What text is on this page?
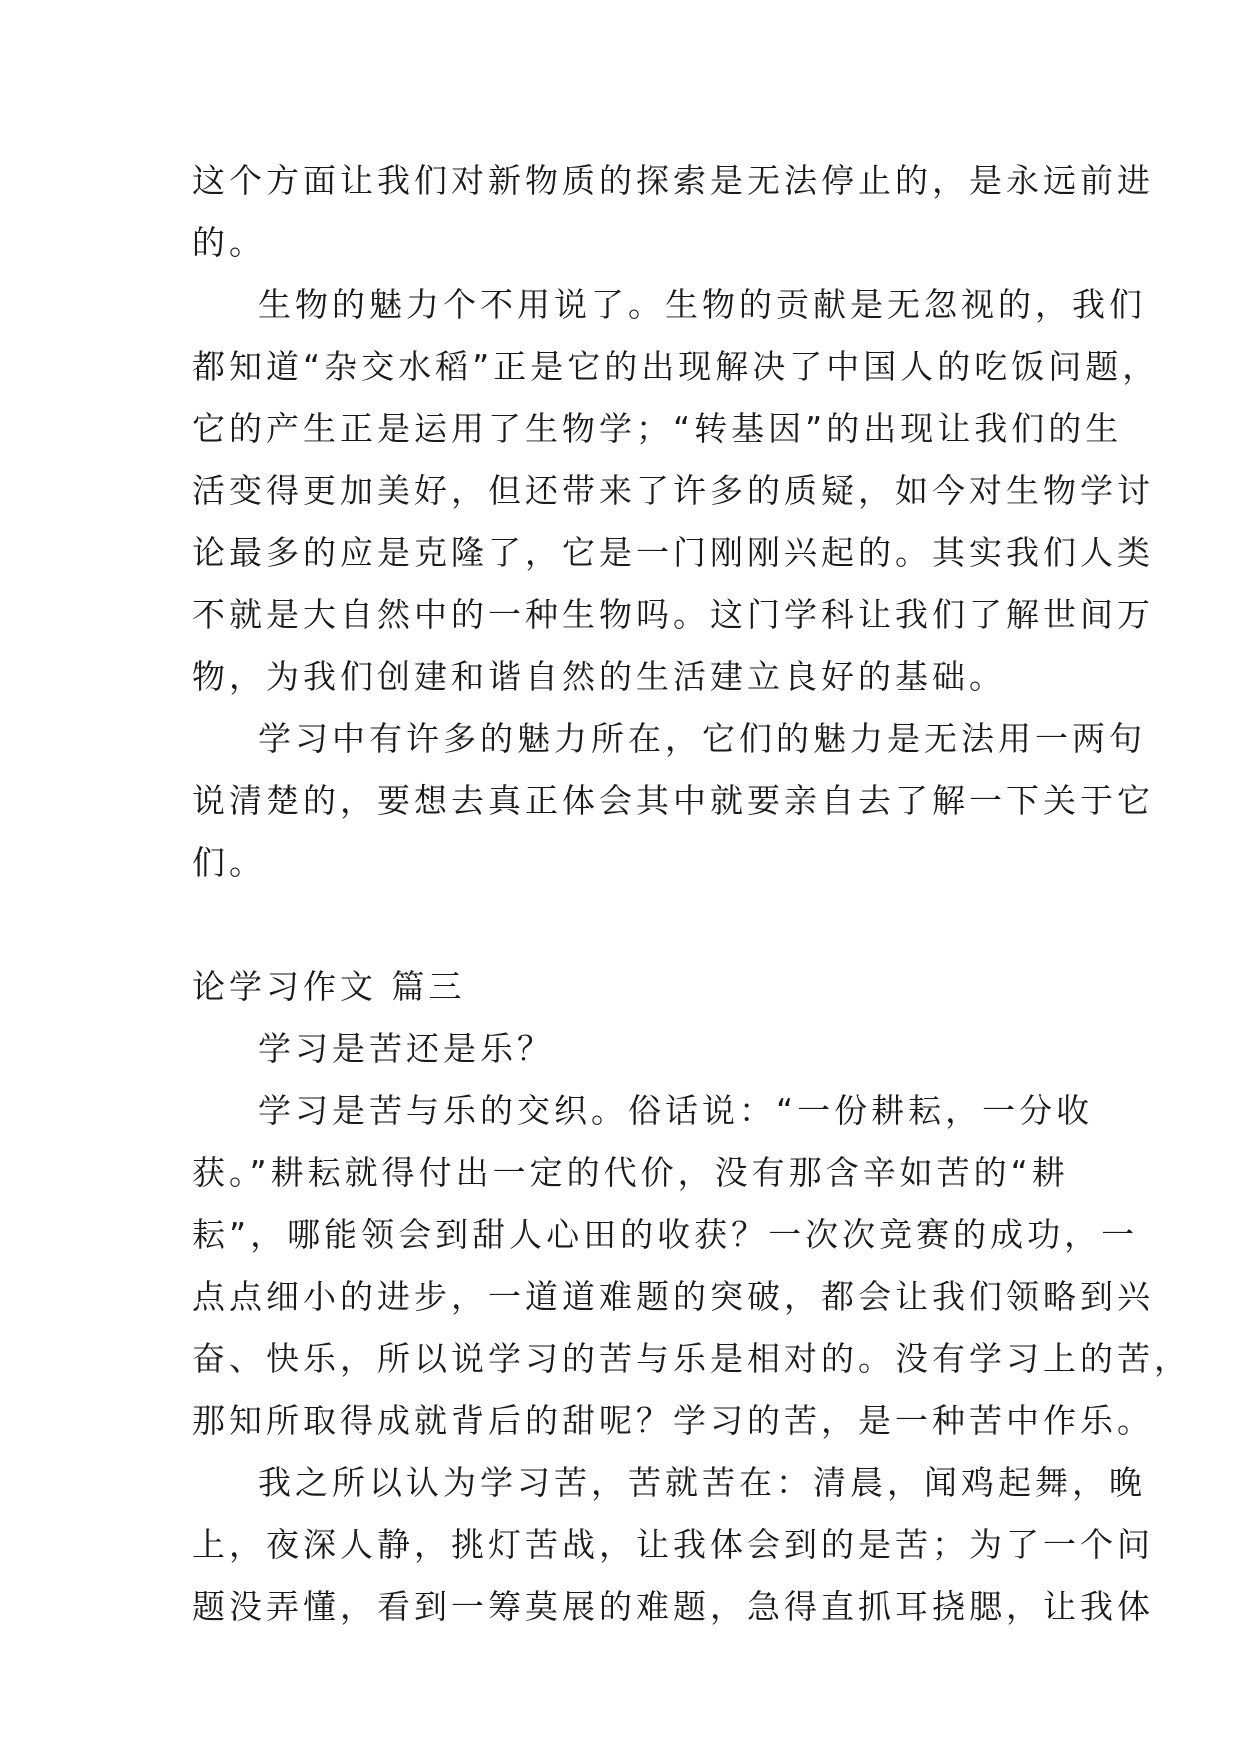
这个方面让我们对新物质的探索是无法停止的，是永远前进
的。
生物的魅力个不用说了。生物的贡献是无忽视的，我们
都知道“杂交水稻”正是它的出现解决了中国人的吃饭问题，
它的产生正是运用了生物学；“转基因”的出现让我们的生
活变得更加美好，但还带来了许多的质疑，如今对生物学讨
论最多的应是克隆了，它是一门刚刚兴起的。其实我们人类
不就是大自然中的一种生物吗。这门学科让我们了解世间万
物，为我们创建和谐自然的生活建立良好的基础。
学习中有许多的魅力所在，它们的魅力是无法用一两句
说清楚的，要想去真正体会其中就要亲自去了解一下关于它
们。
论学习作文 篇三
学习是苦还是乐？
学习是苦与乐的交织。俗话说：“一份耕耘，一分收
获。”耕耘就得付出一定的代价，没有那含辛如苦的“耕
耘”，哪能领会到甜人心田的收获？一次次竞赛的成功，一
点点细小的进步，一道道难题的突破，都会让我们领略到兴
奋、快乐，所以说学习的苦与乐是相对的。没有学习上的苦，
那知所取得成就背后的甜呢？学习的苦，是一种苦中作乐。
我之所以认为学习苦，苦就苦在：清晨，闻鸡起舞，晚
上，夜深人静，挑灯苦战，让我体会到的是苦；为了一个问
题没弄懂，看到一筹莫展的难题，急得直抓耳挠腮，让我体
